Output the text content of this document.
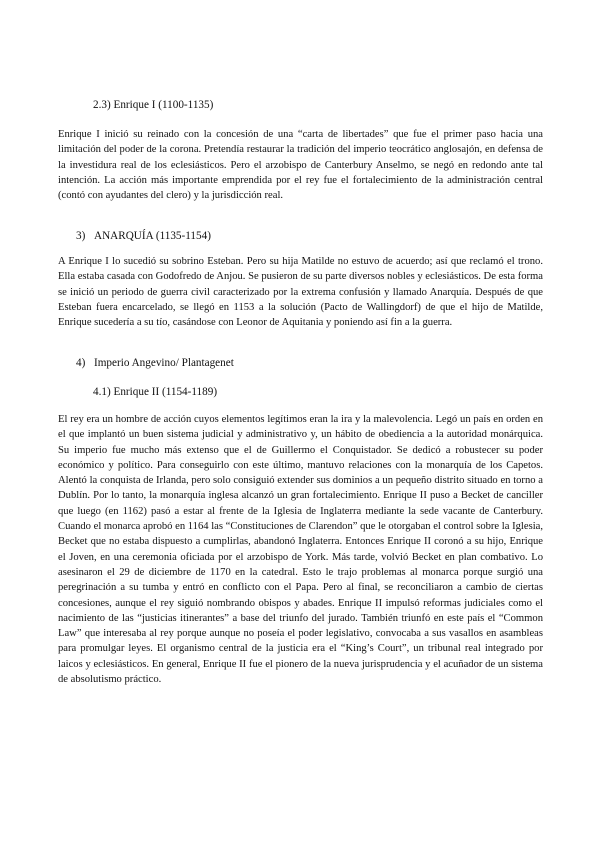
2.3) Enrique I (1100-1135)

Enrique I inició su reinado con la concesión de una “carta de libertades” que fue el primer paso hacia una limitación del poder de la corona. Pretendía restaurar la tradición del imperio teocrático anglosajón, en defensa de la investidura real de los eclesiásticos. Pero el arzobispo de Canterbury Anselmo, se negó en redondo ante tal intención. La acción más importante emprendida por el rey fue el fortalecimiento de la administración central (contó con ayudantes del clero) y la jurisdicción real.

3) ANARQUÍA (1135-1154)

A Enrique I lo sucedió su sobrino Esteban. Pero su hija Matilde no estuvo de acuerdo; así que reclamó el trono. Ella estaba casada con Godofredo de Anjou. Se pusieron de su parte diversos nobles y eclesiásticos. De esta forma se inició un periodo de guerra civil caracterizado por la extrema confusión y llamado Anarquía. Después de que Esteban fuera encarcelado, se llegó en 1153 a la solución (Pacto de Wallingdorf) de que el hijo de Matilde, Enrique sucedería a su tío, casándose con Leonor de Aquitania y poniendo así fin a la guerra.

4) Imperio Angevino/ Plantagenet
4.1) Enrique II (1154-1189)

El rey era un hombre de acción cuyos elementos legítimos eran la ira y la malevolencia. Legó un país en orden en el que implantó un buen sistema judicial y administrativo y, un hábito de obediencia a la autoridad monárquica. Su imperio fue mucho más extenso que el de Guillermo el Conquistador. Se dedicó a robustecer su poder económico y político. Para conseguirlo con este último, mantuvo relaciones con la monarquía de los Capetos. Alentó la conquista de Irlanda, pero solo consiguió extender sus dominios a un pequeño distrito situado en torno a Dublín. Por lo tanto, la monarquía inglesa alcanzó un gran fortalecimiento. Enrique II puso a Becket de canciller que luego (en 1162) pasó a estar al frente de la Iglesia de Inglaterra mediante la sede vacante de Canterbury. Cuando el monarca aprobó en 1164 las “Constituciones de Clarendon” que le otorgaban el control sobre la Iglesia, Becket que no estaba dispuesto a cumplirlas, abandonó Inglaterra. Entonces Enrique II coronó a su hijo, Enrique el Joven, en una ceremonia oficiada por el arzobispo de York. Más tarde, volvió Becket en plan combativo. Lo asesinaron el 29 de diciembre de 1170 en la catedral. Esto le trajo problemas al monarca porque surgió una peregrinación a su tumba y entró en conflicto con el Papa. Pero al final, se reconciliaron a cambio de ciertas concesiones, aunque el rey siguió nombrando obispos y abades. Enrique II impulsó reformas judiciales como el nacimiento de las “justicias itinerantes” a base del triunfo del jurado. También triunfó en este país el “Common Law” que interesaba al rey porque aunque no poseía el poder legislativo, convocaba a sus vasallos en asambleas para promulgar leyes. El organismo central de la justicia era el “King’s Court”, un tribunal real integrado por laicos y eclesiásticos. En general, Enrique II fue el pionero de la nueva jurisprudencia y el acuñador de un sistema de absolutismo práctico.
